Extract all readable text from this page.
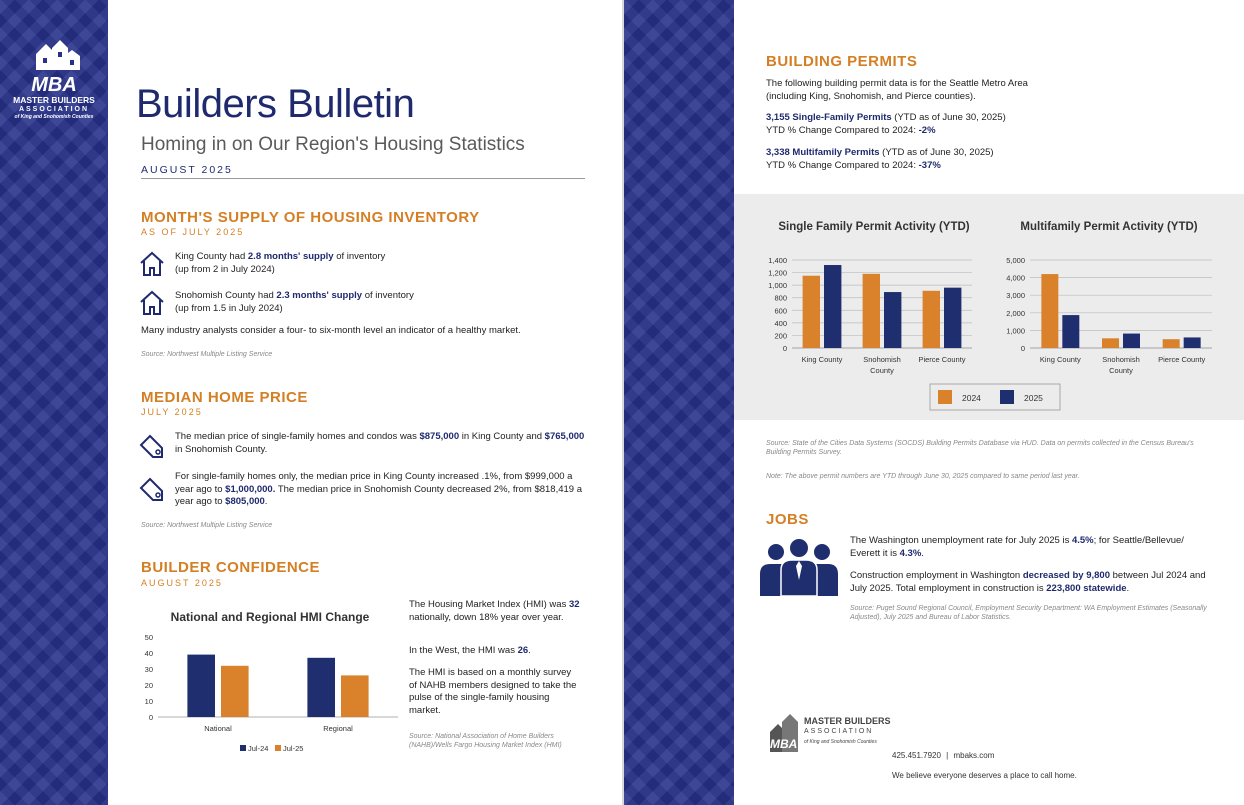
MBA
MASTER BUILDERS
ASSOCIATION
of King and Snohomish Counties Builders Bulletin
Homing in on Our Region's Housing Statistics
AUGUST 2025
MONTH'S SUPPLY OF HOUSING INVENTORY
AS OF JULY 2025
King County had 2.8 months' supply of inventory
(up from 2 in July 2024)
Snohomish County had 2.3 months' supply of inventory
(up from 1.5 in July 2024)
Many industry analysts consider a four- to six-month level an indicator of a healthy market.
Source: Northwest Multiple Listing Service
MEDIAN HOME PRICE
JULY 2025
The median price of single-family homes and condos was $875,000 in King County and $765,000 in Snohomish County.
For single-family homes only, the median price in King County increased .1%, from $999,000 a year ago to $1,000,000. The median price in Snohomish County decreased 2%, from $818,419 a year ago to $805,000.
Source: Northwest Multiple Listing Service
BUILDER CONFIDENCE
AUGUST 2025
National and Regional HMI Change
50
40
30
20
10
0
National	Regional
Jul-24 Jul-25
The Housing Market Index (HMI) was 32 nationally, down 18% year over year.
In the West, the HMI was 26.
The HMI is based on a monthly survey of NAHB members designed to take the pulse of the single-family housing market.
Source: National Association of Home Builders (NAHB)/Wells Fargo Housing Market Index (HMI)
BUILDING PERMITS
The following building permit data is for the Seattle Metro Area (including King, Snohomish, and Pierce counties).
3,155 Single-Family Permits (YTD as of June 30, 2025)
YTD % Change Compared to 2024: -2%
3,338 Multifamily Permits (YTD as of June 30, 2025)
YTD % Change Compared to 2024: -37%
Single Family Permit Activity (YTD)	Multifamily Permit Activity (YTD)
1,400
1,200
1,000
800
600
400
200
0
King County	Snohomish
County
Pierce County
5,000
4,000
3,000
2,000
1,000
0
King County	Snohomish
County
Pierce County
2024	2025
Source: State of the Cities Data Systems (SOCDS) Building Permits Database via HUD. Data on permits collected in the Census Bureau's Building Permits Survey.
Note: The above permit numbers are YTD through June 30, 2025 compared to same period last year.
JOBS
The Washington unemployment rate for July 2025 is 4.5%; for Seattle/Bellevue/ Everett it is 4.3%.
Construction employment in Washington decreased by 9,800 between Jul 2024 and July 2025. Total employment in construction is 223,800 statewide.
Source: Puget Sound Regional Council, Employment Security Department: WA Employment Estimates (Seasonally Adjusted), July 2025 and Bureau of Labor Statistics.
MBA
MASTER BUILDERS
ASSOCIATION
of King and Snohomish Counties
425.451.7920 | mbaks.com
We believe everyone deserves a place to call home.
